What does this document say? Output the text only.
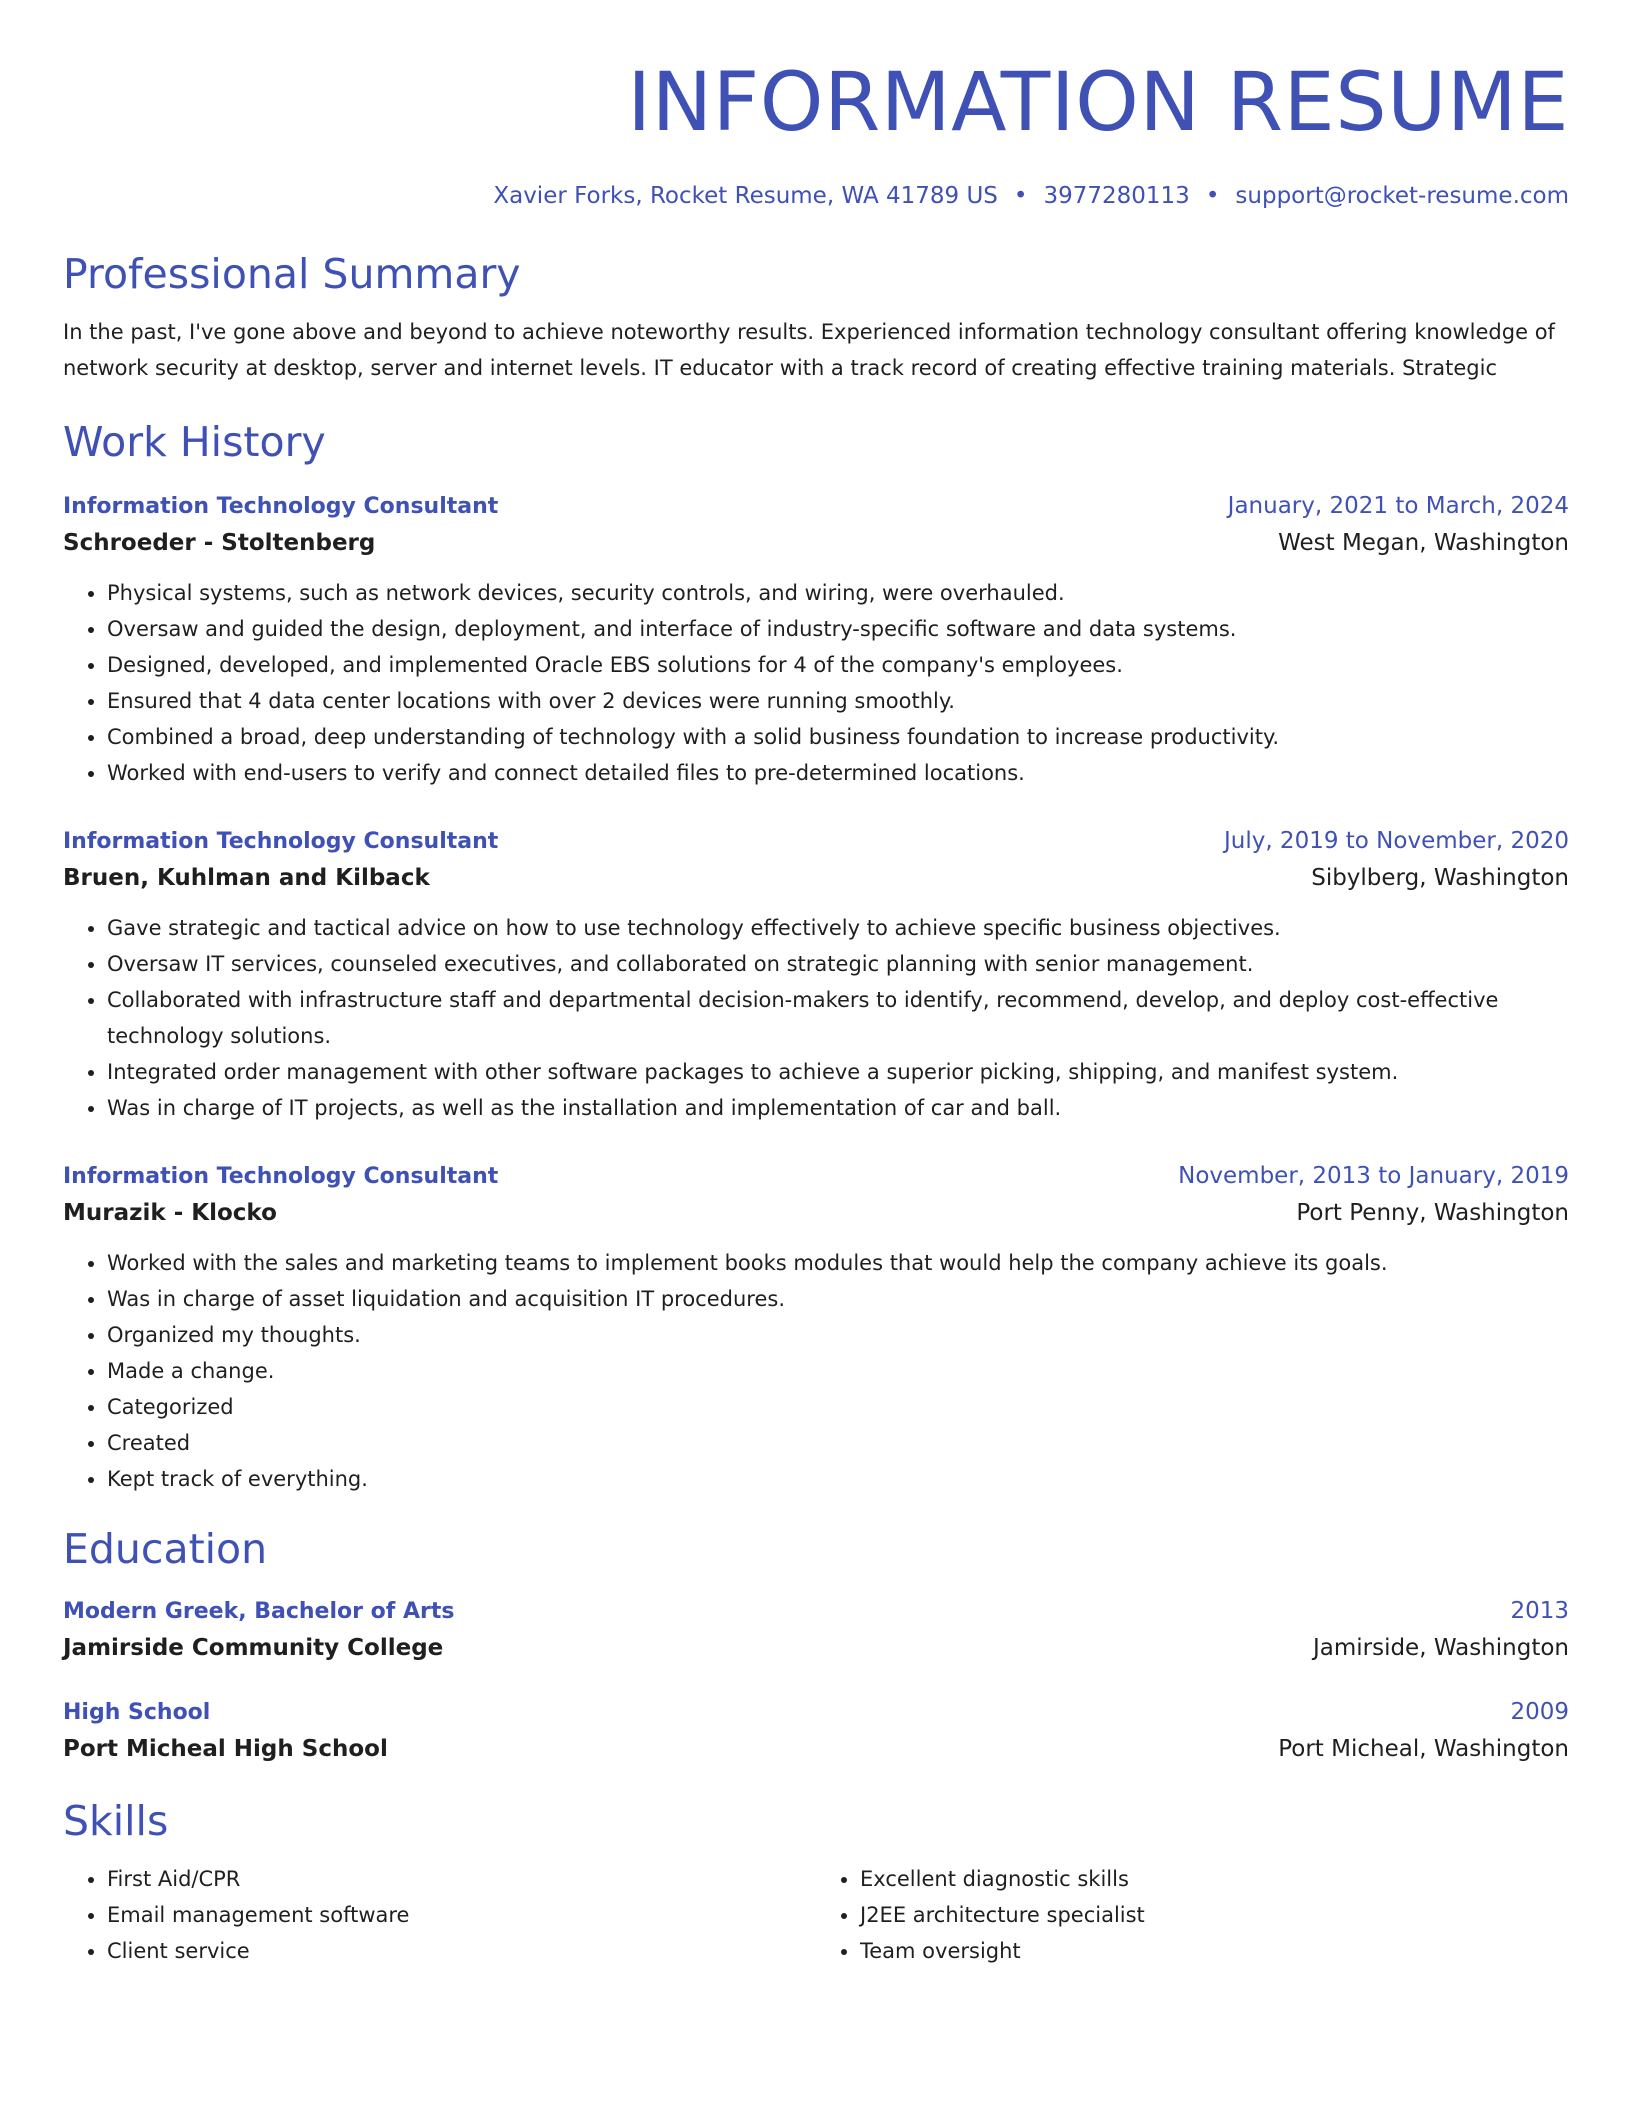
INFORMATION RESUME
Xavier Forks, Rocket Resume, WA 41789 US • 3977280113 • support@rocket-resume.com
Professional Summary

In the past, I've gone above and beyond to achieve noteworthy results. Experienced information technology consultant offering knowledge of network security at desktop, server and internet levels. IT educator with a track record of creating effective training materials. Strategic

Work History
Information Technology Consultant	January, 2021 to March, 2024
Schroeder - Stoltenberg	West Megan, Washington
• Physical systems, such as network devices, security controls, and wiring, were overhauled.
• Oversaw and guided the design, deployment, and interface of industry-specific software and data systems.
• Designed, developed, and implemented Oracle EBS solutions for 4 of the company's employees.
• Ensured that 4 data center locations with over 2 devices were running smoothly.
• Combined a broad, deep understanding of technology with a solid business foundation to increase productivity.
• Worked with end-users to verify and connect detailed files to pre-determined locations.
Information Technology Consultant	July, 2019 to November, 2020
Bruen, Kuhlman and Kilback	Sibylberg, Washington
• Gave strategic and tactical advice on how to use technology effectively to achieve specific business objectives.
• Oversaw IT services, counseled executives, and collaborated on strategic planning with senior management.
• Collaborated with infrastructure staff and departmental decision-makers to identify, recommend, develop, and deploy cost-effective technology solutions.
• Integrated order management with other software packages to achieve a superior picking, shipping, and manifest system.
• Was in charge of IT projects, as well as the installation and implementation of car and ball.
Information Technology Consultant	November, 2013 to January, 2019
Murazik - Klocko	Port Penny, Washington
• Worked with the sales and marketing teams to implement books modules that would help the company achieve its goals.
• Was in charge of asset liquidation and acquisition IT procedures.
• Organized my thoughts.
• Made a change.
• Categorized
• Created
• Kept track of everything.
Education
Modern Greek, Bachelor of Arts	2013
Jamirside Community College	Jamirside, Washington
High School	2009
Port Micheal High School	Port Micheal, Washington
Skills
• First Aid/CPR
• Email management software
• Client service
• Excellent diagnostic skills
• J2EE architecture specialist
• Team oversight
